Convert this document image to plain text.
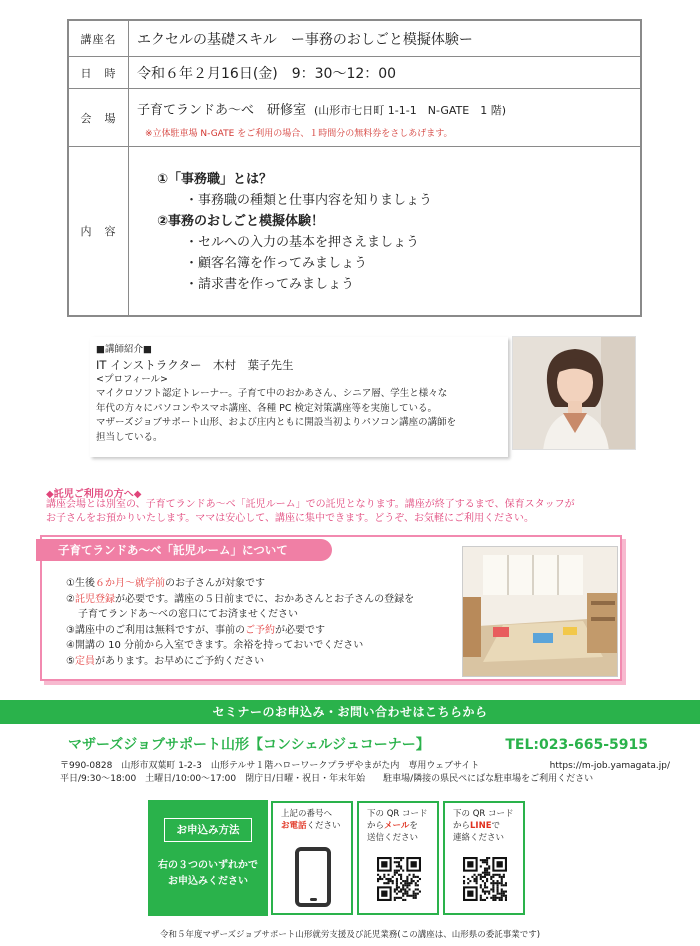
講座名	エクセルの基礎スキル　ー事務のおしごと模擬体験ー
日　時	令和６年２月16日(金)　9：30～12：00
会　場	子育てランドあ～べ　研修室 (山形市七日町 1-1-1　N-GATE　1 階)
※立体駐車場 N-GATE をご利用の場合、１時間分の無料券をさしあげます。
内　容
①「事務職」とは？
・事務職の種類と仕事内容を知りましょう
②事務のおしごと模擬体験！
・セルへの入力の基本を押さえましょう
・顧客名簿を作ってみましょう
・請求書を作ってみましょう
■講師紹介■
IT インストラクター　木村　葉子先生
<プロフィール>
マイクロソフト認定トレーナー。子育て中のおかあさん、シニア層、学生と様々な
年代の方々にパソコンやスマホ講座、各種 PC 検定対策講座等を実施している。
マザーズジョブサポート山形、および庄内ともに開設当初よりパソコン講座の講師を
担当している。
◆託児ご利用の方へ◆
講座会場とは別室の、子育てランドあ～べ「託児ルーム」での託児となります。講座が終了するまで、保育スタッフが
お子さんをお預かりいたします。ママは安心して、講座に集中できます。どうぞ、お気軽にご利用ください。
子育てランドあ～べ「託児ルーム」について
①生後６か月～就学前のお子さんが対象です
②託児登録が必要です。講座の５日前までに、おかあさんとお子さんの登録を
子育てランドあ～べの窓口にてお済ませください
③講座中のご利用は無料ですが、事前のご予約が必要です
④開講の 10 分前から入室できます。余裕を持っておいでください
⑤定員があります。お早めにご予約ください
セミナーのお申込み・お問い合わせはこちらから
マザーズジョブサポート山形【コンシェルジュコーナー】	TEL:023-665-5915
〒990-0828　山形市双葉町 1-2-3　山形テルサ１階ハローワークプラザやまがた内　専用ウェブサイト	https://m-job.yamagata.jp/
平日/9:30～18:00　土曜日/10:00～17:00　閉庁日/日曜・祝日・年末年始　　駐車場/隣接の県民ぺにばな駐車場をご利用ください
お申込み方法
右の３つのいずれかで
お申込みください
上記の番号へ
お電話ください
下の QR コード
からメールを
送信ください
下の QR コード
からLINEで
連絡ください
令和５年度マザーズジョブサポート山形就労支援及び託児業務(この講座は、山形県の委託事業です)
